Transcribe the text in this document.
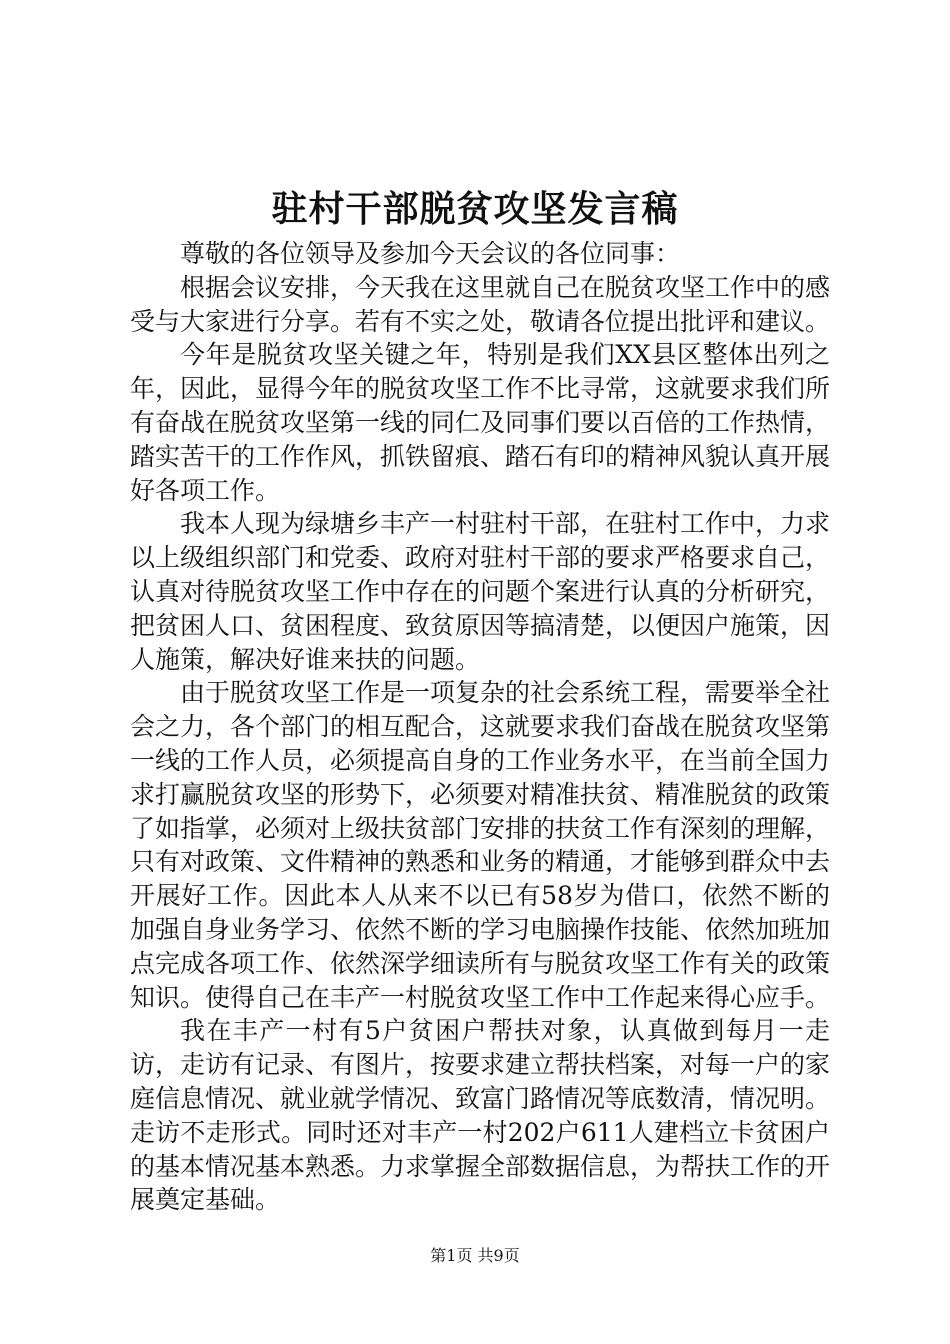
驻村干部脱贫攻坚发言稿

尊敬的各位领导及参加今天会议的各位同事：

根据会议安排，今天我在这里就自己在脱贫攻坚工作中的感受与大家进行分享。若有不实之处，敬请各位提出批评和建议。

今年是脱贫攻坚关键之年，特别是我们XX县区整体出列之年，因此，显得今年的脱贫攻坚工作不比寻常，这就要求我们所有奋战在脱贫攻坚第一线的同仁及同事们要以百倍的工作热情，踏实苦干的工作作风，抓铁留痕、踏石有印的精神风貌认真开展好各项工作。

我本人现为绿塘乡丰产一村驻村干部，在驻村工作中，力求以上级组织部门和党委、政府对驻村干部的要求严格要求自己，认真对待脱贫攻坚工作中存在的问题个案进行认真的分析研究，把贫困人口、贫困程度、致贫原因等搞清楚，以便因户施策，因人施策，解决好谁来扶的问题。

由于脱贫攻坚工作是一项复杂的社会系统工程，需要举全社会之力，各个部门的相互配合，这就要求我们奋战在脱贫攻坚第一线的工作人员，必须提高自身的工作业务水平，在当前全国力求打赢脱贫攻坚的形势下，必须要对精准扶贫、精准脱贫的政策了如指掌，必须对上级扶贫部门安排的扶贫工作有深刻的理解，只有对政策、文件精神的熟悉和业务的精通，才能够到群众中去开展好工作。因此本人从来不以已有58岁为借口，依然不断的加强自身业务学习、依然不断的学习电脑操作技能、依然加班加点完成各项工作、依然深学细读所有与脱贫攻坚工作有关的政策知识。使得自己在丰产一村脱贫攻坚工作中工作起来得心应手。

我在丰产一村有5户贫困户帮扶对象，认真做到每月一走访，走访有记录、有图片，按要求建立帮扶档案，对每一户的家庭信息情况、就业就学情况、致富门路情况等底数清，情况明。走访不走形式。同时还对丰产一村202户611人建档立卡贫困户的基本情况基本熟悉。力求掌握全部数据信息，为帮扶工作的开展奠定基础。

第1页 共9页
